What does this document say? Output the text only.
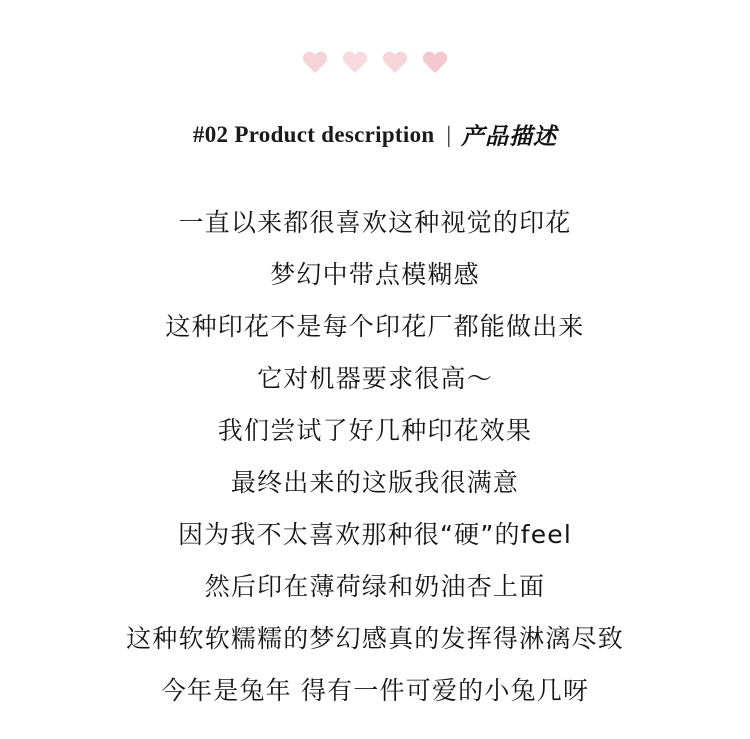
#02 Product description | 产品描述
一直以来都很喜欢这种视觉的印花
梦幻中带点模糊感
这种印花不是每个印花厂都能做出来
它对机器要求很高～
我们尝试了好几种印花效果
最终出来的这版我很满意
因为我不太喜欢那种很“硬”的feel
然后印在薄荷绿和奶油杏上面
这种软软糯糯的梦幻感真的发挥得淋漓尽致
今年是兔年 得有一件可爱的小兔几呀
